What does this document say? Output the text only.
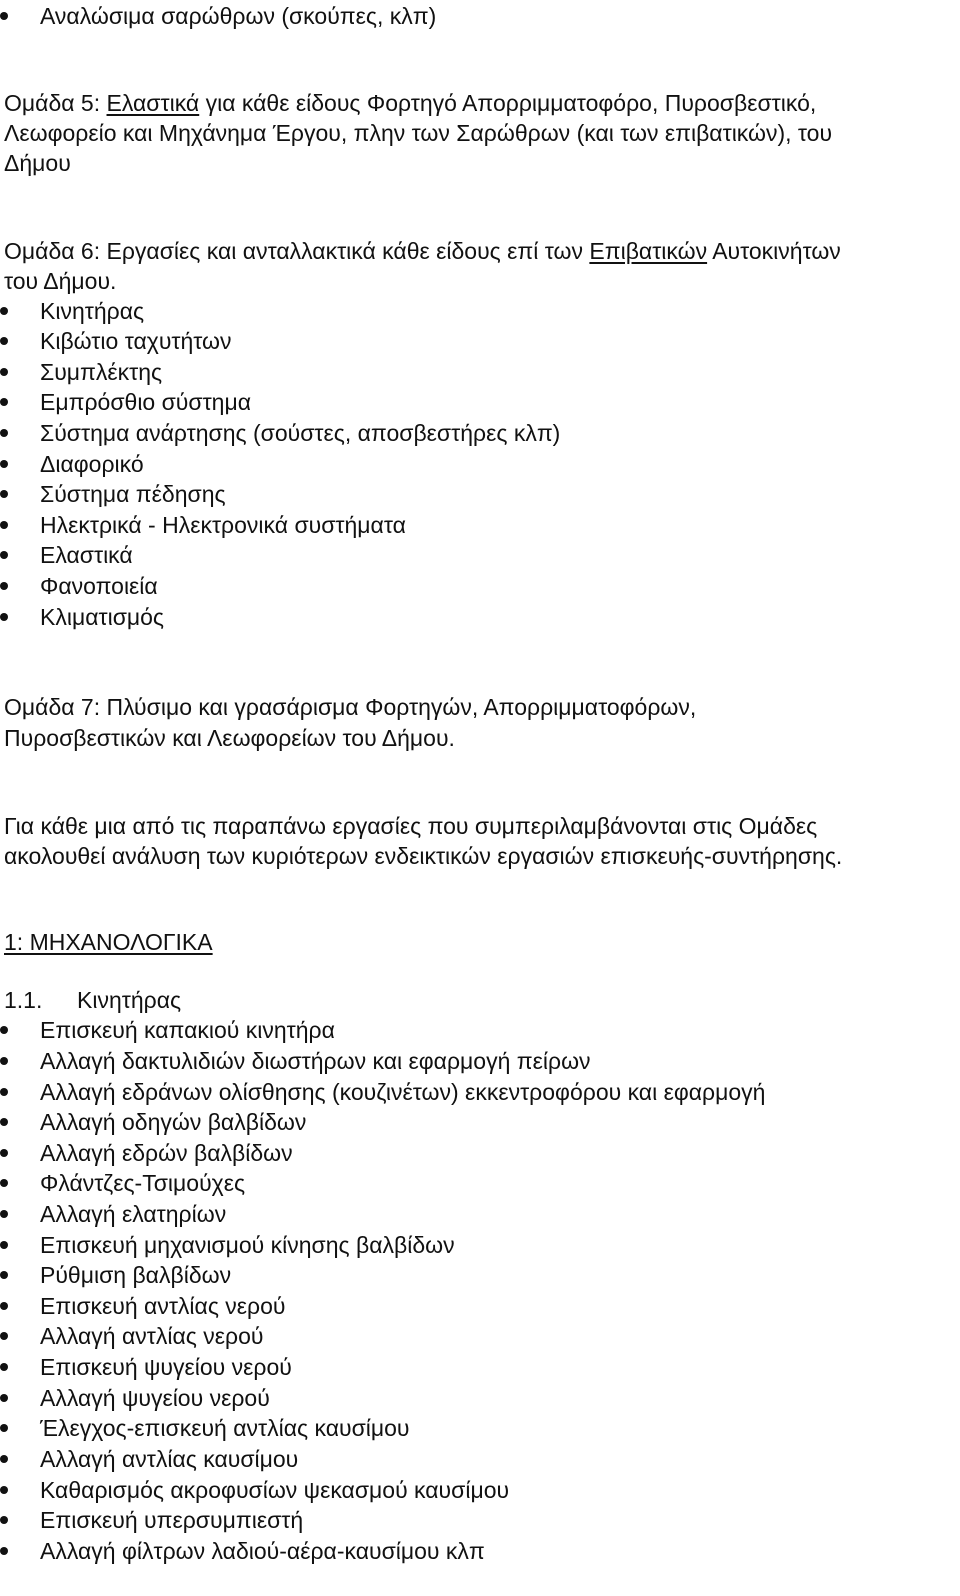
Αναλώσιμα σαρώθρων (σκούπες, κλπ)
Ομάδα 5: Ελαστικά για κάθε είδους Φορτηγό Απορριμματοφόρο, Πυροσβεστικό,
Λεωφορείο και Μηχάνημα Έργου, πλην των Σαρώθρων (και των επιβατικών), του
Δήμου
Ομάδα 6: Εργασίες και ανταλλακτικά κάθε είδους επί των Επιβατικών Αυτοκινήτων
του Δήμου.
Κινητήρας
Κιβώτιο ταχυτήτων
Συμπλέκτης
Εμπρόσθιο σύστημα
Σύστημα ανάρτησης (σούστες, αποσβεστήρες κλπ)
Διαφορικό
Σύστημα πέδησης
Ηλεκτρικά - Ηλεκτρονικά συστήματα
Ελαστικά
Φανοποιεία
Κλιματισμός
Ομάδα 7: Πλύσιμο και γρασάρισμα Φορτηγών, Απορριμματοφόρων,
Πυροσβεστικών και Λεωφορείων του Δήμου.
Για κάθε μια από τις παραπάνω εργασίες που συμπεριλαμβάνονται στις Ομάδες
ακολουθεί ανάλυση των κυριότερων ενδεικτικών εργασιών επισκευής-συντήρησης.
1: ΜΗΧΑΝΟΛΟΓΙΚΑ
1.1. Κινητήρας
Επισκευή καπακιού κινητήρα
Αλλαγή δακτυλιδιών διωστήρων και εφαρμογή πείρων
Αλλαγή εδράνων ολίσθησης (κουζινέτων) εκκεντροφόρου και εφαρμογή
Αλλαγή οδηγών βαλβίδων
Αλλαγή εδρών βαλβίδων
Φλάντζες-Τσιμούχες
Αλλαγή ελατηρίων
Επισκευή μηχανισμού κίνησης βαλβίδων
Ρύθμιση βαλβίδων
Επισκευή αντλίας νερού
Αλλαγή αντλίας νερού
Επισκευή ψυγείου νερού
Αλλαγή ψυγείου νερού
Έλεγχος-επισκευή αντλίας καυσίμου
Αλλαγή αντλίας καυσίμου
Καθαρισμός ακροφυσίων ψεκασμού καυσίμου
Επισκευή υπερσυμπιεστή
Αλλαγή φίλτρων λαδιού-αέρα-καυσίμου κλπ
